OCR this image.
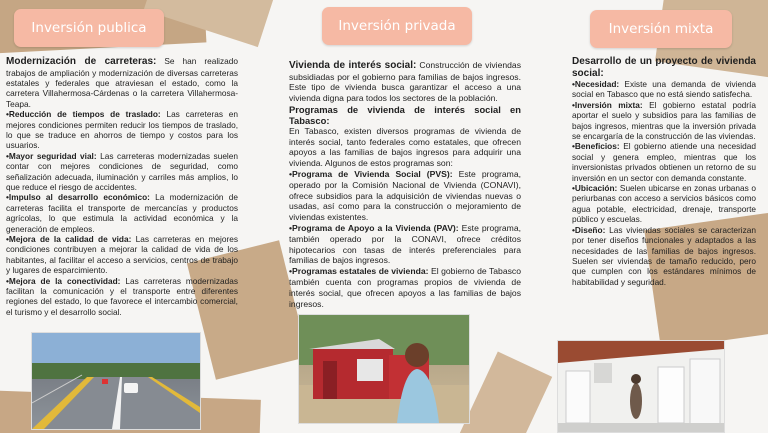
Inversión publica	Inversión privada	Inversión mixta

Modernización de carreteras: Se han realizado trabajos de ampliación y modernización de diversas carreteras estatales y federales que atraviesan el estado, como la carretera Villahermosa-Cárdenas o la carretera Villahermosa-Teapa.

•Reducción de tiempos de traslado: Las carreteras en mejores condiciones permiten reducir los tiempos de traslado, lo que se traduce en ahorros de tiempo y costos para los usuarios.

•Mayor seguridad vial: Las carreteras modernizadas suelen contar con mejores condiciones de seguridad, como señalización adecuada, iluminación y carriles más amplios, lo que reduce el riesgo de accidentes.

•Impulso al desarrollo económico: La modernización de carreteras facilita el transporte de mercancías y productos agrícolas, lo que estimula la actividad económica y la generación de empleos.

•Mejora de la calidad de vida: Las carreteras en mejores condiciones contribuyen a mejorar la calidad de vida de los habitantes, al facilitar el acceso a servicios, centros de trabajo y lugares de esparcimiento.

•Mejora de la conectividad: Las carreteras modernizadas facilitan la comunicación y el transporte entre diferentes regiones del estado, lo que favorece el intercambio comercial, el turismo y el desarrollo social.

Vivienda de interés social: Construcción de viviendas subsidiadas por el gobierno para familias de bajos ingresos. Este tipo de vivienda busca garantizar el acceso a una vivienda digna para todos los sectores de la población.

Programas de vivienda de interés social en Tabasco:

En Tabasco, existen diversos programas de vivienda de interés social, tanto federales como estatales, que ofrecen apoyos a las familias de bajos ingresos para adquirir una vivienda. Algunos de estos programas son:

•Programa de Vivienda Social (PVS): Este programa, operado por la Comisión Nacional de Vivienda (CONAVI), ofrece subsidios para la adquisición de viviendas nuevas o usadas, así como para la construcción o mejoramiento de viviendas existentes.

•Programa de Apoyo a la Vivienda (PAV): Este programa, también operado por la CONAVI, ofrece créditos hipotecarios con tasas de interés preferenciales para familias de bajos ingresos.

•Programas estatales de vivienda: El gobierno de Tabasco también cuenta con programas propios de vivienda de interés social, que ofrecen apoyos a las familias de bajos ingresos.

Desarrollo de un proyecto de vivienda social:

•Necesidad: Existe una demanda de vivienda social en Tabasco que no está siendo satisfecha.

•Inversión mixta: El gobierno estatal podría aportar el suelo y subsidios para las familias de bajos ingresos, mientras que la inversión privada se encargaría de la construcción de las viviendas.

•Beneficios: El gobierno atiende una necesidad social y genera empleo, mientras que los inversionistas privados obtienen un retorno de su inversión en un sector con demanda constante.

•Ubicación: Suelen ubicarse en zonas urbanas o periurbanas con acceso a servicios básicos como agua potable, electricidad, drenaje, transporte público y escuelas.

•Diseño: Las viviendas sociales se caracterizan por tener diseños funcionales y adaptados a las necesidades de las familias de bajos ingresos. Suelen ser viviendas de tamaño reducido, pero que cumplen con los estándares mínimos de habitabilidad y seguridad.
